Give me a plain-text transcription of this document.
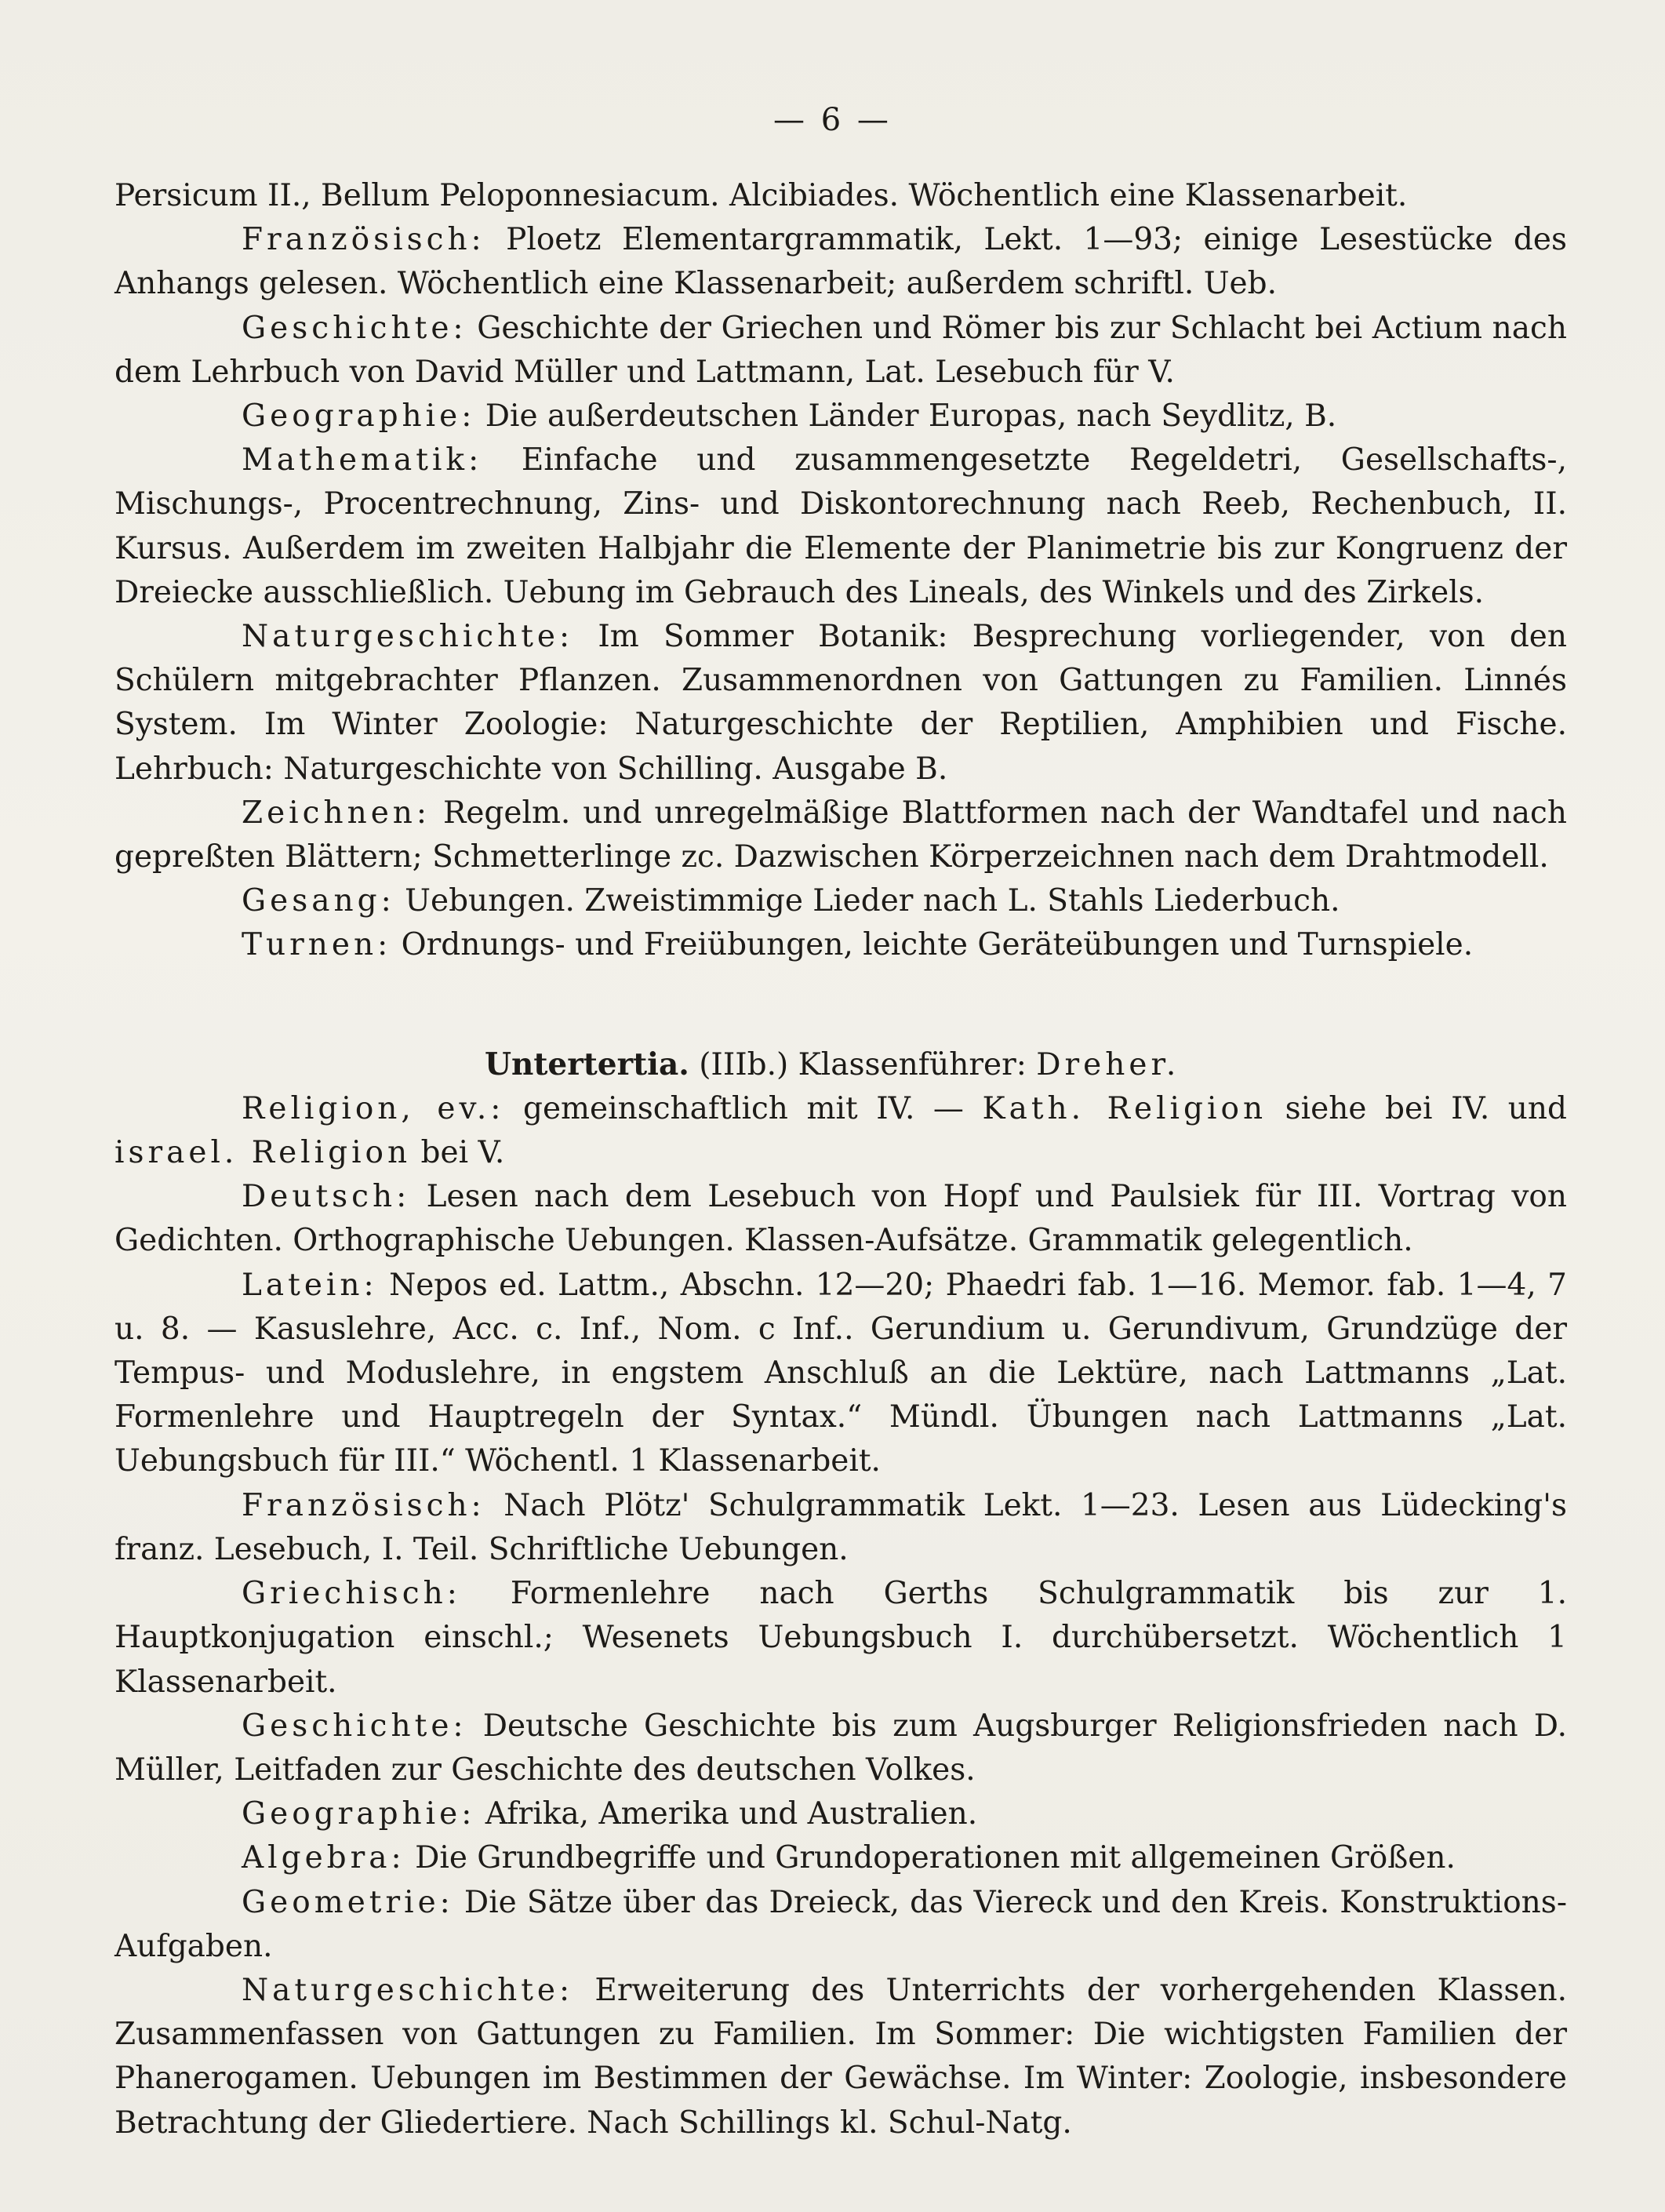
— 6 —

Persicum II., Bellum Peloponnesiacum. Alcibiades. Wöchentlich eine Klassenarbeit.

Französisch: Ploetz Elementargrammatik, Lekt. 1—93; einige Lesestücke des Anhangs gelesen. Wöchentlich eine Klassenarbeit; außerdem schriftl. Ueb.

Geschichte: Geschichte der Griechen und Römer bis zur Schlacht bei Actium nach dem Lehrbuch von David Müller und Lattmann, Lat. Lesebuch für V.

Geographie: Die außerdeutschen Länder Europas, nach Seydlitz, B.

Mathematik: Einfache und zusammengesetzte Regeldetri, Gesellschafts-, Mischungs-, Procentrechnung, Zins- und Diskontorechnung nach Reeb, Rechenbuch, II. Kursus. Außerdem im zweiten Halbjahr die Elemente der Planimetrie bis zur Kongruenz der Dreiecke ausschließlich. Uebung im Gebrauch des Lineals, des Winkels und des Zirkels.

Naturgeschichte: Im Sommer Botanik: Besprechung vorliegender, von den Schülern mitgebrachter Pflanzen. Zusammenordnen von Gattungen zu Familien. Linnés System. Im Winter Zoologie: Naturgeschichte der Reptilien, Amphibien und Fische. Lehrbuch: Naturgeschichte von Schilling. Ausgabe B.

Zeichnen: Regelm. und unregelmäßige Blattformen nach der Wandtafel und nach gepreßten Blättern; Schmetterlinge zc. Dazwischen Körperzeichnen nach dem Drahtmodell.

Gesang: Uebungen. Zweistimmige Lieder nach L. Stahls Liederbuch.

Turnen: Ordnungs- und Freiübungen, leichte Geräteübungen und Turnspiele.

Untertertia. (IIIb.) Klassenführer: Dreher.

Religion, ev.: gemeinschaftlich mit IV. — Kath. Religion siehe bei IV. und israel. Religion bei V.

Deutsch: Lesen nach dem Lesebuch von Hopf und Paulsiek für III. Vortrag von Gedichten. Orthographische Uebungen. Klassen-Aufsätze. Grammatik gelegentlich.

Latein: Nepos ed. Lattm., Abschn. 12—20; Phaedri fab. 1—16. Memor. fab. 1—4, 7 u. 8. — Kasuslehre, Acc. c. Inf., Nom. c Inf.. Gerundium u. Gerundivum, Grundzüge der Tempus- und Moduslehre, in engstem Anschluß an die Lektüre, nach Lattmanns „Lat. Formenlehre und Hauptregeln der Syntax.“ Mündl. Übungen nach Lattmanns „Lat. Uebungsbuch für III.“ Wöchentl. 1 Klassenarbeit.

Französisch: Nach Plötz' Schulgrammatik Lekt. 1—23. Lesen aus Lüdecking's franz. Lesebuch, I. Teil. Schriftliche Uebungen.

Griechisch: Formenlehre nach Gerths Schulgrammatik bis zur 1. Hauptkonjugation einschl.; Wesenets Uebungsbuch I. durchübersetzt. Wöchentlich 1 Klassenarbeit.

Geschichte: Deutsche Geschichte bis zum Augsburger Religionsfrieden nach D. Müller, Leitfaden zur Geschichte des deutschen Volkes.

Geographie: Afrika, Amerika und Australien.

Algebra: Die Grundbegriffe und Grundoperationen mit allgemeinen Größen.

Geometrie: Die Sätze über das Dreieck, das Viereck und den Kreis. Konstruktions-Aufgaben.

Naturgeschichte: Erweiterung des Unterrichts der vorhergehenden Klassen. Zusammenfassen von Gattungen zu Familien. Im Sommer: Die wichtigsten Familien der Phanerogamen. Uebungen im Bestimmen der Gewächse. Im Winter: Zoologie, insbesondere Betrachtung der Gliedertiere. Nach Schillings kl. Schul-Natg.
